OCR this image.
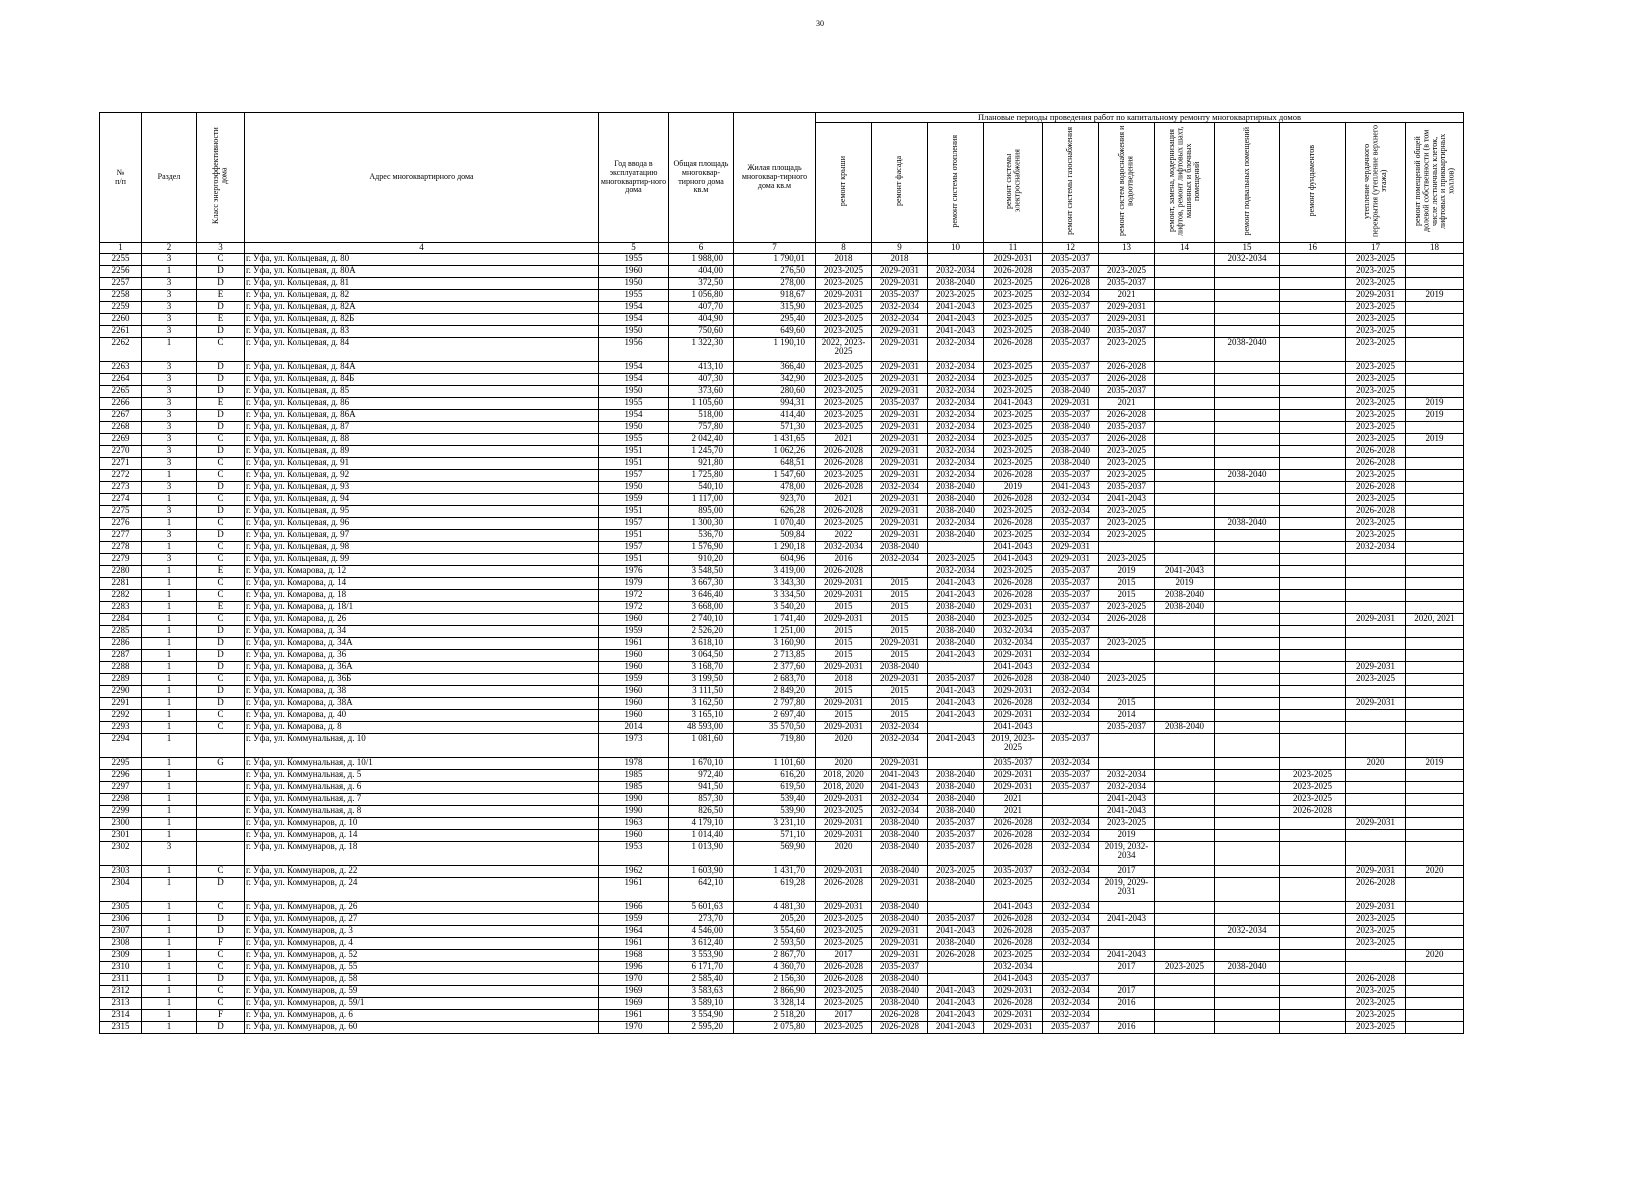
30
№
п/п	Раздел	Класс энергоэффективности дома	Адрес многоквартирного дома	Год ввода в эксплуатацию многоквартир-ного дома	Общая площадь многоквар-тирного дома кв.м	Жилая площадь многоквар-тирного дома кв.м	Плановые периоды проведения работ по капитальному ремонту многоквартирных домов										
							ремонт крыши	ремонт фасада	ремонт системы отопления	ремонт системы электроснабжения	ремонт системы газоснабжения	ремонт систем водоснабжения и водоотведения	ремонт, замена, модернизация лифтов, ремонт лифтовых шахт, машинных и блочных помещений	ремонт подвальных помещений	ремонт фундаментов	утепление чердачного перекрытия (утепление верхнего этажа)	ремонт помещений общей долевой собственности (в том числе лестничных клеток, лифтовых и приквартирных холлов)
1	2	3	4	5	6	7	8	9	10	11	12	13	14	15	16	17	18
2255	3	C	г. Уфа, ул. Кольцевая, д. 80	1955	1 988,00	1 790,01	2018	2018		2029-2031	2035-2037			2032-2034		2023-2025	
2256	1	D	г. Уфа, ул. Кольцевая, д. 80А	1960	404,00	276,50	2023-2025	2029-2031	2032-2034	2026-2028	2035-2037	2023-2025				2023-2025	
2257	3	D	г. Уфа, ул. Кольцевая, д. 81	1950	372,50	278,00	2023-2025	2029-2031	2038-2040	2023-2025	2026-2028	2035-2037				2023-2025	
2258	3	E	г. Уфа, ул. Кольцевая, д. 82	1955	1 056,80	918,67	2029-2031	2035-2037	2023-2025	2023-2025	2032-2034	2021				2029-2031	2019
2259	3	D	г. Уфа, ул. Кольцевая, д. 82А	1954	407,70	315,90	2023-2025	2032-2034	2041-2043	2023-2025	2035-2037	2029-2031				2023-2025	
2260	3	E	г. Уфа, ул. Кольцевая, д. 82Б	1954	404,90	295,40	2023-2025	2032-2034	2041-2043	2023-2025	2035-2037	2029-2031				2023-2025	
2261	3	D	г. Уфа, ул. Кольцевая, д. 83	1950	750,60	649,60	2023-2025	2029-2031	2041-2043	2023-2025	2038-2040	2035-2037				2023-2025	
2262	1	C	г. Уфа, ул. Кольцевая, д. 84	1956	1 322,30	1 190,10	2022, 2023-2025	2029-2031	2032-2034	2026-2028	2035-2037	2023-2025		2038-2040		2023-2025	
2263	3	D	г. Уфа, ул. Кольцевая, д. 84А	1954	413,10	366,40	2023-2025	2029-2031	2032-2034	2023-2025	2035-2037	2026-2028				2023-2025	
2264	3	D	г. Уфа, ул. Кольцевая, д. 84Б	1954	407,30	342,90	2023-2025	2029-2031	2032-2034	2023-2025	2035-2037	2026-2028				2023-2025	
2265	3	D	г. Уфа, ул. Кольцевая, д. 85	1950	373,60	280,60	2023-2025	2029-2031	2032-2034	2023-2025	2038-2040	2035-2037				2023-2025	
2266	3	E	г. Уфа, ул. Кольцевая, д. 86	1955	1 105,60	994,31	2023-2025	2035-2037	2032-2034	2041-2043	2029-2031	2021				2023-2025	2019
2267	3	D	г. Уфа, ул. Кольцевая, д. 86А	1954	518,00	414,40	2023-2025	2029-2031	2032-2034	2023-2025	2035-2037	2026-2028				2023-2025	2019
2268	3	D	г. Уфа, ул. Кольцевая, д. 87	1950	757,80	571,30	2023-2025	2029-2031	2032-2034	2023-2025	2038-2040	2035-2037				2023-2025	
2269	3	C	г. Уфа, ул. Кольцевая, д. 88	1955	2 042,40	1 431,65	2021	2029-2031	2032-2034	2023-2025	2035-2037	2026-2028				2023-2025	2019
2270	3	D	г. Уфа, ул. Кольцевая, д. 89	1951	1 245,70	1 062,26	2026-2028	2029-2031	2032-2034	2023-2025	2038-2040	2023-2025				2026-2028	
2271	3	C	г. Уфа, ул. Кольцевая, д. 91	1951	921,80	648,51	2026-2028	2029-2031	2032-2034	2023-2025	2038-2040	2023-2025				2026-2028	
2272	1	C	г. Уфа, ул. Кольцевая, д. 92	1957	1 725,80	1 547,60	2023-2025	2029-2031	2032-2034	2026-2028	2035-2037	2023-2025		2038-2040		2023-2025	
2273	3	D	г. Уфа, ул. Кольцевая, д. 93	1950	540,10	478,00	2026-2028	2032-2034	2038-2040	2019	2041-2043	2035-2037				2026-2028	
2274	1	C	г. Уфа, ул. Кольцевая, д. 94	1959	1 117,00	923,70	2021	2029-2031	2038-2040	2026-2028	2032-2034	2041-2043				2023-2025	
2275	3	D	г. Уфа, ул. Кольцевая, д. 95	1951	895,00	626,28	2026-2028	2029-2031	2038-2040	2023-2025	2032-2034	2023-2025				2026-2028	
2276	1	C	г. Уфа, ул. Кольцевая, д. 96	1957	1 300,30	1 070,40	2023-2025	2029-2031	2032-2034	2026-2028	2035-2037	2023-2025		2038-2040		2023-2025	
2277	3	D	г. Уфа, ул. Кольцевая, д. 97	1951	536,70	509,84	2022	2029-2031	2038-2040	2023-2025	2032-2034	2023-2025				2023-2025	
2278	1	C	г. Уфа, ул. Кольцевая, д. 98	1957	1 576,90	1 290,18	2032-2034	2038-2040		2041-2043	2029-2031					2032-2034	
2279	3	C	г. Уфа, ул. Кольцевая, д. 99	1951	910,20	604,96	2016	2032-2034	2023-2025	2041-2043	2029-2031	2023-2025					
2280	1	E	г. Уфа, ул. Комарова, д. 12	1976	3 548,50	3 419,00	2026-2028		2032-2034	2023-2025	2035-2037	2019	2041-2043				
2281	1	C	г. Уфа, ул. Комарова, д. 14	1979	3 667,30	3 343,30	2029-2031	2015	2041-2043	2026-2028	2035-2037	2015	2019				
2282	1	C	г. Уфа, ул. Комарова, д. 18	1972	3 646,40	3 334,50	2029-2031	2015	2041-2043	2026-2028	2035-2037	2015	2038-2040				
2283	1	E	г. Уфа, ул. Комарова, д. 18/1	1972	3 668,00	3 540,20	2015	2015	2038-2040	2029-2031	2035-2037	2023-2025	2038-2040				
2284	1	C	г. Уфа, ул. Комарова, д. 26	1960	2 740,10	1 741,40	2029-2031	2015	2038-2040	2023-2025	2032-2034	2026-2028				2029-2031	2020, 2021
2285	1	D	г. Уфа, ул. Комарова, д. 34	1959	2 526,20	1 251,00	2015	2015	2038-2040	2032-2034	2035-2037						
2286	1	D	г. Уфа, ул. Комарова, д. 34А	1961	3 618,10	3 160,90	2015	2029-2031	2038-2040	2032-2034	2035-2037	2023-2025					
2287	1	D	г. Уфа, ул. Комарова, д. 36	1960	3 064,50	2 713,85	2015	2015	2041-2043	2029-2031	2032-2034						
2288	1	D	г. Уфа, ул. Комарова, д. 36А	1960	3 168,70	2 377,60	2029-2031	2038-2040		2041-2043	2032-2034					2029-2031	
2289	1	C	г. Уфа, ул. Комарова, д. 36Б	1959	3 199,50	2 683,70	2018	2029-2031	2035-2037	2026-2028	2038-2040	2023-2025				2023-2025	
2290	1	D	г. Уфа, ул. Комарова, д. 38	1960	3 111,50	2 849,20	2015	2015	2041-2043	2029-2031	2032-2034						
2291	1	D	г. Уфа, ул. Комарова, д. 38А	1960	3 162,50	2 797,80	2029-2031	2015	2041-2043	2026-2028	2032-2034	2015				2029-2031	
2292	1	C	г. Уфа, ул. Комарова, д. 40	1960	3 165,10	2 697,40	2015	2015	2041-2043	2029-2031	2032-2034	2014					
2293	1	C	г. Уфа, ул. Комарова, д. 8	2014	48 593,00	35 570,50	2029-2031	2032-2034		2041-2043		2035-2037	2038-2040				
2294	1		г. Уфа, ул. Коммунальная, д. 10	1973	1 081,60	719,80	2020	2032-2034	2041-2043	2019, 2023-2025	2035-2037						
2295	1	G	г. Уфа, ул. Коммунальная, д. 10/1	1978	1 670,10	1 101,60	2020	2029-2031		2035-2037	2032-2034					2020	2019
2296	1		г. Уфа, ул. Коммунальная, д. 5	1985	972,40	616,20	2018, 2020	2041-2043	2038-2040	2029-2031	2035-2037	2032-2034			2023-2025		
2297	1		г. Уфа, ул. Коммунальная, д. 6	1985	941,50	619,50	2018, 2020	2041-2043	2038-2040	2029-2031	2035-2037	2032-2034			2023-2025		
2298	1		г. Уфа, ул. Коммунальная, д. 7	1990	857,30	539,40	2029-2031	2032-2034	2038-2040	2021		2041-2043			2023-2025		
2299	1		г. Уфа, ул. Коммунальная, д. 8	1990	826,50	539,90	2023-2025	2032-2034	2038-2040	2021		2041-2043			2026-2028		
2300	1		г. Уфа, ул. Коммунаров, д. 10	1963	4 179,10	3 231,10	2029-2031	2038-2040	2035-2037	2026-2028	2032-2034	2023-2025				2029-2031	
2301	1		г. Уфа, ул. Коммунаров, д. 14	1960	1 014,40	571,10	2029-2031	2038-2040	2035-2037	2026-2028	2032-2034	2019					
2302	3		г. Уфа, ул. Коммунаров, д. 18	1953	1 013,90	569,90	2020	2038-2040	2035-2037	2026-2028	2032-2034	2019, 2032-2034					
2303	1	C	г. Уфа, ул. Коммунаров, д. 22	1962	1 603,90	1 431,70	2029-2031	2038-2040	2023-2025	2035-2037	2032-2034	2017				2029-2031	2020
2304	1	D	г. Уфа, ул. Коммунаров, д. 24	1961	642,10	619,28	2026-2028	2029-2031	2038-2040	2023-2025	2032-2034	2019, 2029-2031				2026-2028	
2305	1	C	г. Уфа, ул. Коммунаров, д. 26	1966	5 601,63	4 481,30	2029-2031	2038-2040		2041-2043	2032-2034					2029-2031	
2306	1	D	г. Уфа, ул. Коммунаров, д. 27	1959	273,70	205,20	2023-2025	2038-2040	2035-2037	2026-2028	2032-2034	2041-2043				2023-2025	
2307	1	D	г. Уфа, ул. Коммунаров, д. 3	1964	4 546,00	3 554,60	2023-2025	2029-2031	2041-2043	2026-2028	2035-2037			2032-2034		2023-2025	
2308	1	F	г. Уфа, ул. Коммунаров, д. 4	1961	3 612,40	2 593,50	2023-2025	2029-2031	2038-2040	2026-2028	2032-2034					2023-2025	
2309	1	C	г. Уфа, ул. Коммунаров, д. 52	1968	3 553,90	2 867,70	2017	2029-2031	2026-2028	2023-2025	2032-2034	2041-2043					2020
2310	1	C	г. Уфа, ул. Коммунаров, д. 55	1996	6 171,70	4 360,70	2026-2028	2035-2037		2032-2034		2017	2023-2025	2038-2040			
2311	1	D	г. Уфа, ул. Коммунаров, д. 58	1970	2 585,40	2 156,30	2026-2028	2038-2040		2041-2043	2035-2037					2026-2028	
2312	1	C	г. Уфа, ул. Коммунаров, д. 59	1969	3 583,63	2 866,90	2023-2025	2038-2040	2041-2043	2029-2031	2032-2034	2017				2023-2025	
2313	1	C	г. Уфа, ул. Коммунаров, д. 59/1	1969	3 589,10	3 328,14	2023-2025	2038-2040	2041-2043	2026-2028	2032-2034	2016				2023-2025	
2314	1	F	г. Уфа, ул. Коммунаров, д. 6	1961	3 554,90	2 518,20	2017	2026-2028	2041-2043	2029-2031	2032-2034					2023-2025	
2315	1	D	г. Уфа, ул. Коммунаров, д. 60	1970	2 595,20	2 075,80	2023-2025	2026-2028	2041-2043	2029-2031	2035-2037	2016				2023-2025	
